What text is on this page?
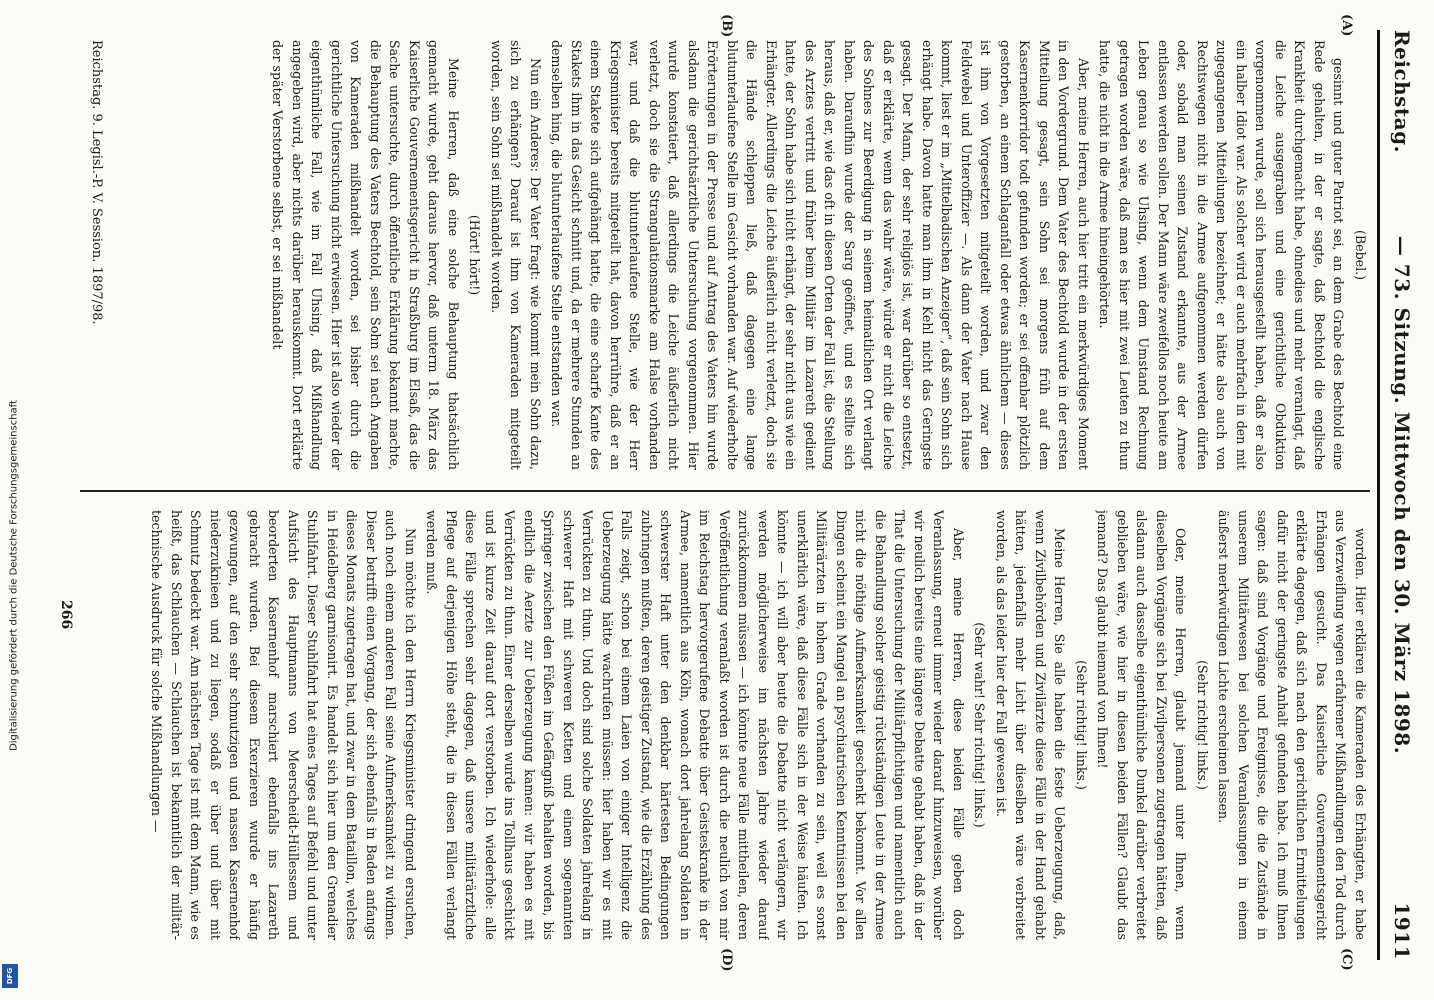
Reichstag.
— 73. Sitzung. Mittwoch den 30. März 1898.
1911

(Bebel.)

gesinnt und guter Patriot sei, an dem Grabe des Bechtold eine Rede gehalten, in der er sagte, daß Bechtold die englische Krankheit durchgemacht habe, ohnedies und mehr veranlagt, daß die Leiche ausgegraben und eine gerichtliche Obduktion vorgenommen wurde, soll sich herausgestellt haben, daß er also ein halber Idiot war. Als solcher wird er auch mehrfach in den mit zugegangenen Mitteilungen bezeichnet; er hätte also auch von Rechtswegen nicht in die Armee aufgenommen werden dürfen oder, sobald man seinen Zustand erkannte, aus der Armee entlassen werden sollen. Der Mann wäre zweifellos noch heute am Leben genau so wie Uhsing, wenn dem Umstand Rechnung getragen worden wäre, daß man es hier mit zwei Leuten zu thun hatte, die nicht in die Armee hineingehörten.

Aber, meine Herren, auch hier tritt ein merkwürdiges Moment in den Vordergrund. Dem Vater des Bechtold wurde in der ersten Mitteilung gesagt, sein Sohn sei morgens früh auf dem Kasernenkorridor todt gefunden worden; er sei offenbar plötzlich gestorben, an einem Schlaganfall oder etwas ähnlichem — dieses ist ihm von Vorgesetzten mitgeteilt worden, und zwar den Feldwebel und Unteroffizier —. Als dann der Vater nach Hause kommt, liest er im „Mittelbadischen Anzeiger“, daß sein Sohn sich erhängt habe. Davon hatte man ihm in Kehl nicht das Geringste gesagt. Der Mann, der sehr religiös ist, war darüber so entsetzt, daß er erklärte, wenn das wahr wäre, würde er nicht die Leiche des Sohnes zur Beerdigung in seinem heimatlichen Ort verlangt haben. Daraufhin wurde der Sarg geöffnet, und es stellte sich heraus, daß er, wie das oft in diesen Orten der Fall ist, die Stellung des Arztes vertritt und früher beim Militär im Lazareth gedient hatte, der Sohn habe sich nicht erhängt, der sehr nicht aus wie ein Erhängter. Allerdings die Leiche äußerlich nicht verletzt, doch sie die Hände schleppen ließ, daß dagegen eine lange blutunterlaufene Stelle im Gesicht vorhanden war. Auf wiederholte Erörterungen in der Presse und auf Antrag des Vaters hin wurde alsdann die gerichtsärztliche Untersuchung vorgenommen. Hier wurde konstatiert, daß allerdings die Leiche äußerlich nicht verletzt, doch sie die Strangulationsmarke am Halse vorhanden war, und daß die blutunterlaufene Stelle, wie der Herr Kriegsminister bereits mitgeteilt hat, davon herrühre, daß er an einem Stakete sich aufgehängt hatte, die eine scharfe Kante des Stakets ihm in das Gesicht schnitt und, da er mehrere Stunden an demselben hing, die blutunterlaufene Stelle entstanden war.

Nun ein Anderes: Der Vater fragt: wie kommt mein Sohn dazu, sich zu erhängen? Darauf ist ihm von Kameraden mitgeteilt worden, sein Sohn sei mißhandelt worden.

(Hört! hört!)

Meine Herren, daß eine solche Behauptung thatsächlich gemacht wurde, geht daraus hervor, daß unterm 18. März das Kaiserliche Gouvernementsgericht in Straßburg im Elsaß, das die Sache untersuchte, durch öffentliche Erklärung bekannt machte, die Behauptung des Vaters Bechtold, sein Sohn sei nach Angaben von Kameraden mißhandelt worden, sei bisher durch die gerichtliche Untersuchung nicht erwiesen. Hier ist also wieder der eigenthümliche Fall, wie im Fall Uhsing, daß Mißhandlung angegeben wird, aber nichts darüber herauskommt. Dort erklärte der später Verstorbene selbst, er sei mißhandelt

(A)
(B)

worden. Hier erklären die Kameraden des Erhängten, er habe aus Verzweiflung wegen erfahrener Mißhandlungen den Tod durch Erhängen gesucht. Das Kaiserliche Gouvernementsgericht erklärte dagegen, daß sich nach den gerichtlichen Ermittelungen dafür nicht der geringste Anhalt gefunden habe. Ich muß Ihnen sagen: daß sind Vorgänge und Ereignisse, die die Zustände in unserem Militärwesen bei solchen Veranlassungen in einem äußerst merkwürdigen Lichte erscheinen lassen.

(Sehr richtig! links.)

Oder, meine Herren, glaubt jemand unter Ihnen, wenn dieselben Vorgänge sich bei Zivilpersonen zugetragen hätten, daß alsdann auch dasselbe eigenthümliche Dunkel darüber verbreitet geblieben wäre, wie hier in diesen beiden Fällen? Glaubt das jemand? Das glaubt niemand von Ihnen!

(Sehr richtig! links.)

Meine Herren, Sie alle haben die feste Ueberzeugung, daß, wenn Zivilbehörden und Zivilärzte diese Fälle in der Hand gehabt hätten, jedenfalls mehr Licht über dieselben wäre verbreitet worden, als das leider hier der Fall gewesen ist.

(Sehr wahr! Sehr richtig! links.)

Aber, meine Herren, diese beiden Fälle geben doch Veranlassung, erneut immer wieder darauf hinzuweisen, worüber wir neulich bereits eine längere Debatte gehabt haben, daß in der That die Untersuchung der Militärpflichtigen und namentlich auch die Behandlung solcher geistig rückständigen Leute in der Armee nicht die nöthige Aufmerksamkeit geschenkt bekommt. Vor allen Dingen scheint ein Mangel an psychiatrischen Kenntnissen bei den Militärärzten in hohem Grade vorhanden zu sein, weil es sonst unerklärlich wäre, daß diese Fälle sich in der Weise häufen. Ich könnte — ich will aber heute die Debatte nicht verlängern, wir werden möglicherweise im nächsten Jahre wieder darauf zurückkommen müssen — ich könnte neue Fälle mittheilen, deren Veröffentlichung veranlaßt worden ist durch die neulich von mir im Reichstag hervorgerufene Debatte über Geisteskranke in der Armee, namentlich aus Köln, wonach dort jahrelang Soldaten in schwerster Haft unter den denkbar härtesten Bedingungen zubringen mußten, deren geistiger Zustand, wie die Erzählung des Falls zeigt, schon bei einem Laien von einiger Intelligenz die Ueberzeugung hätte wachrufen müssen: hier haben wir es mit Verrückten zu thun. Und doch sind solche Soldaten jahrelang in schwerer Haft mit schweren Ketten und einem sogenannten Springer zwischen den Füßen im Gefängniß behalten worden, bis endlich die Aerzte zur Ueberzeugung kamen: wir haben es mit Verrückten zu thun. Einer derselben wurde ins Tollhaus geschickt und ist kurze Zeit darauf dort verstorben. Ich wiederhole: alle diese Fälle sprechen sehr dagegen, daß unsere militärärztliche Pflege auf derjenigen Höhe steht, die in diesen Fällen verlangt werden muß.

Nun möchte ich den Herrn Kriegsminister dringend ersuchen, auch noch einem anderen Fall seine Aufmerksamkeit zu widmen. Dieser betrifft einen Vorgang, der sich ebenfalls in Baden anfangs dieses Monats zugetragen hat, und zwar in dem Bataillon, welches in Heidelberg garnisonirt. Es handelt sich hier um den Grenadier Stuhlfahrt. Dieser Stuhlfahrt hat eines Tages auf Befehl und unter Aufsicht des Hauptmanns von Meerscheidt-Hüllessem und beorderten Kasernenhof marschiert ebenfalls ins Lazareth gebracht wurden. Bei diesem Exerzieren wurde er häufig gezwungen, auf den sehr schmutzigen und nassen Kasernenhof niederzuknieen und zu liegen, sodaß er über und über mit Schmutz bedeckt war. Am nächsten Tage ist mit dem Mann, wie es heißt, das Schlauchen — Schlauchen ist bekanntlich der militär-technische Ausdruck für solche Mißhandlungen —

(C)
(D)
Reichstag. 9. Legisl.-P. V. Session. 1897/98.
266
Digitalisierung gefördert durch die Deutsche Forschungsgemeinschaft
DFG
